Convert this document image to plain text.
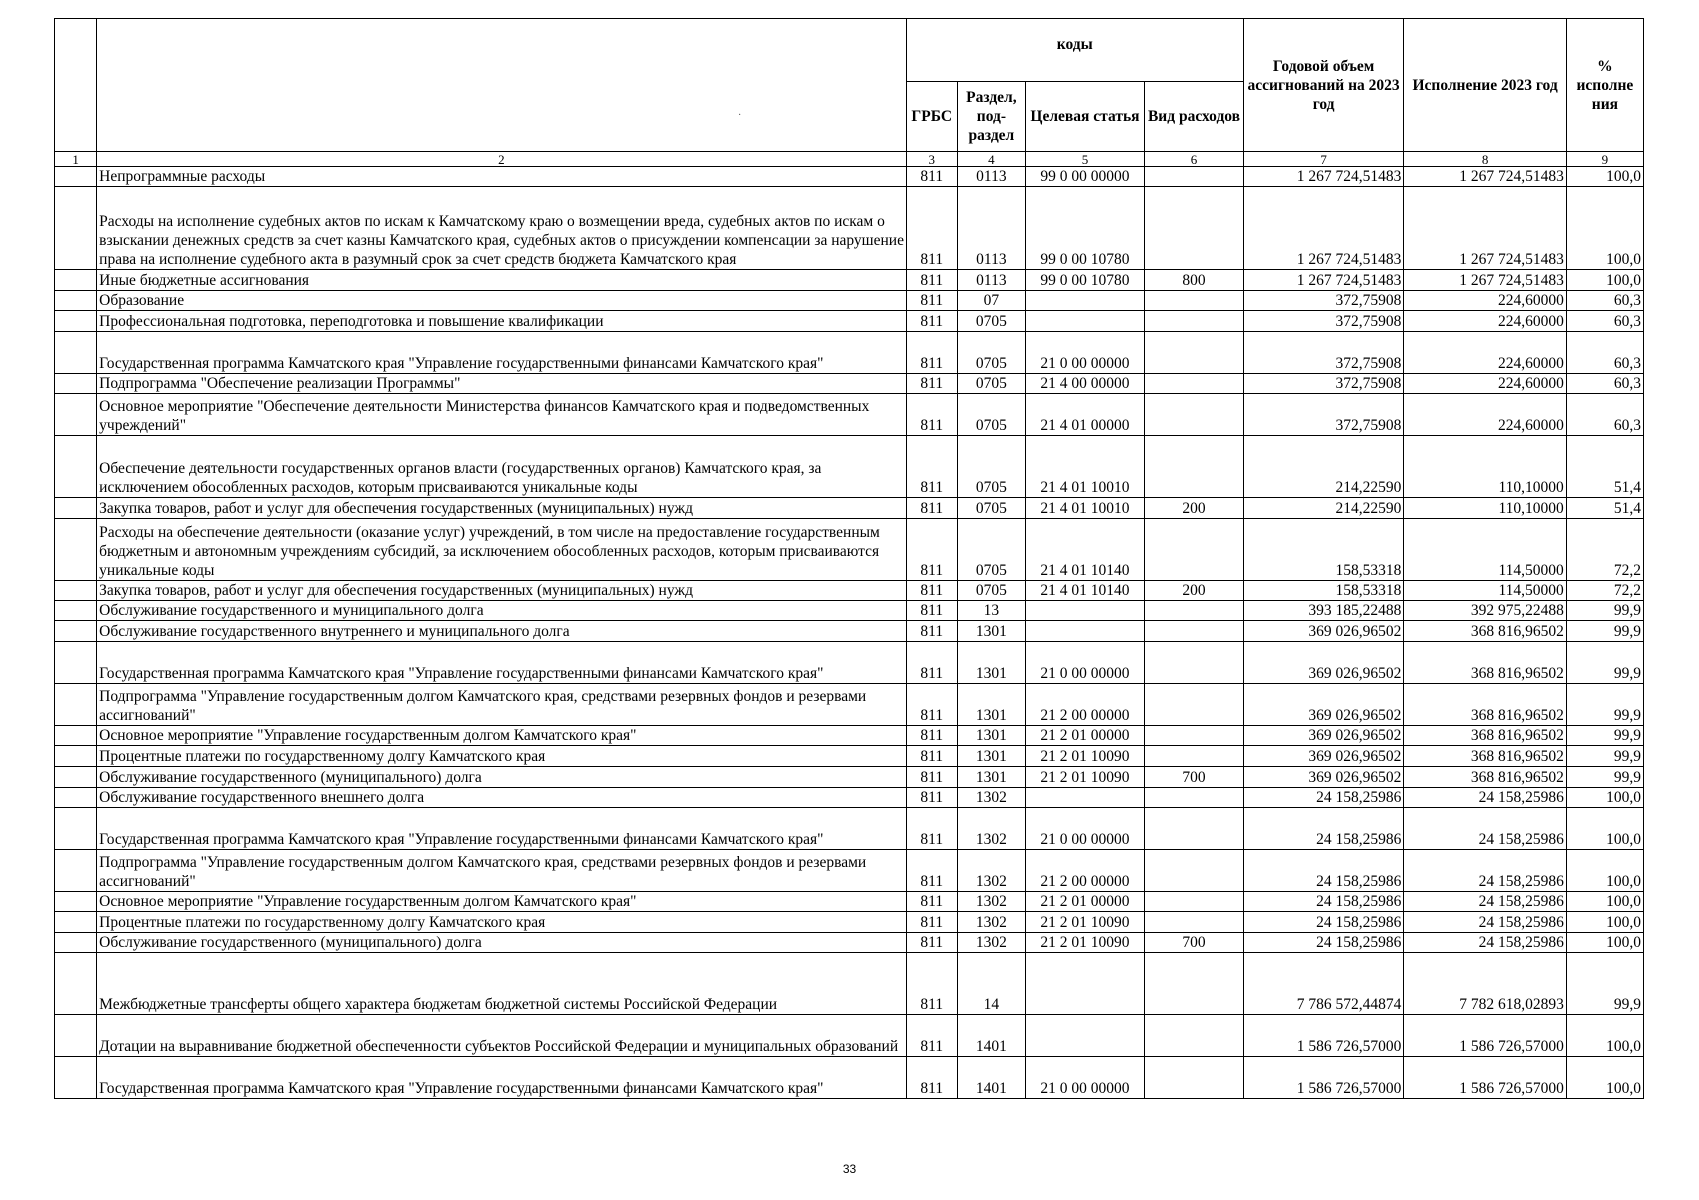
		коды				Годовой объем ассигнований на 2023 год	Исполнение 2023 год	% исполне ния
		ГРБС	Раздел, под-раздел	Целевая статья	Вид расходов			
1	2	3	4	5	6	7	8	9
	Непрограммные расходы	811	0113	99 0 00 00000		1 267 724,51483	1 267 724,51483	100,0
	Расходы на исполнение судебных актов по искам к Камчатскому краю о возмещении вреда, судебных актов по искам о взыскании денежных средств за счет казны Камчатского края, судебных актов о присуждении компенсации за нарушение права на исполнение судебного акта в разумный срок за счет средств бюджета Камчатского края	811	0113	99 0 00 10780		1 267 724,51483	1 267 724,51483	100,0
	Иные бюджетные ассигнования	811	0113	99 0 00 10780	800	1 267 724,51483	1 267 724,51483	100,0
	Образование	811	07			372,75908	224,60000	60,3
	Профессиональная подготовка, переподготовка и повышение квалификации	811	0705			372,75908	224,60000	60,3
	Государственная программа Камчатского края "Управление государственными финансами Камчатского края"	811	0705	21 0 00 00000		372,75908	224,60000	60,3
	Подпрограмма "Обеспечение реализации Программы"	811	0705	21 4 00 00000		372,75908	224,60000	60,3
	Основное мероприятие "Обеспечение деятельности Министерства финансов Камчатского края и подведомственных учреждений"	811	0705	21 4 01 00000		372,75908	224,60000	60,3
	Обеспечение деятельности государственных органов власти (государственных органов) Камчатского края, за исключением обособленных расходов, которым присваиваются уникальные коды	811	0705	21 4 01 10010		214,22590	110,10000	51,4
	Закупка товаров, работ и услуг для обеспечения государственных (муниципальных) нужд	811	0705	21 4 01 10010	200	214,22590	110,10000	51,4
	Расходы на обеспечение деятельности (оказание услуг) учреждений, в том числе на предоставление государственным бюджетным и автономным учреждениям субсидий, за исключением обособленных расходов, которым присваиваются уникальные коды	811	0705	21 4 01 10140		158,53318	114,50000	72,2
	Закупка товаров, работ и услуг для обеспечения государственных (муниципальных) нужд	811	0705	21 4 01 10140	200	158,53318	114,50000	72,2
	Обслуживание государственного и муниципального долга	811	13			393 185,22488	392 975,22488	99,9
	Обслуживание государственного внутреннего и муниципального долга	811	1301			369 026,96502	368 816,96502	99,9
	Государственная программа Камчатского края "Управление государственными финансами Камчатского края"	811	1301	21 0 00 00000		369 026,96502	368 816,96502	99,9
	Подпрограмма "Управление государственным долгом Камчатского края, средствами резервных фондов и резервами ассигнований"	811	1301	21 2 00 00000		369 026,96502	368 816,96502	99,9
	Основное мероприятие "Управление государственным долгом Камчатского края"	811	1301	21 2 01 00000		369 026,96502	368 816,96502	99,9
	Процентные платежи по государственному долгу Камчатского края	811	1301	21 2 01 10090		369 026,96502	368 816,96502	99,9
	Обслуживание государственного (муниципального) долга	811	1301	21 2 01 10090	700	369 026,96502	368 816,96502	99,9
	Обслуживание государственного внешнего долга	811	1302			24 158,25986	24 158,25986	100,0
	Государственная программа Камчатского края "Управление государственными финансами Камчатского края"	811	1302	21 0 00 00000		24 158,25986	24 158,25986	100,0
	Подпрограмма "Управление государственным долгом Камчатского края, средствами резервных фондов и резервами ассигнований"	811	1302	21 2 00 00000		24 158,25986	24 158,25986	100,0
	Основное мероприятие "Управление государственным долгом Камчатского края"	811	1302	21 2 01 00000		24 158,25986	24 158,25986	100,0
	Процентные платежи по государственному долгу Камчатского края	811	1302	21 2 01 10090		24 158,25986	24 158,25986	100,0
	Обслуживание государственного (муниципального) долга	811	1302	21 2 01 10090	700	24 158,25986	24 158,25986	100,0
	Межбюджетные трансферты общего характера бюджетам бюджетной системы Российской Федерации	811	14			7 786 572,44874	7 782 618,02893	99,9
	Дотации на выравнивание бюджетной обеспеченности субъектов Российской Федерации и муниципальных образований	811	1401			1 586 726,57000	1 586 726,57000	100,0
	Государственная программа Камчатского края "Управление государственными финансами Камчатского края"	811	1401	21 0 00 00000		1 586 726,57000	1 586 726,57000	100,0
·
33
